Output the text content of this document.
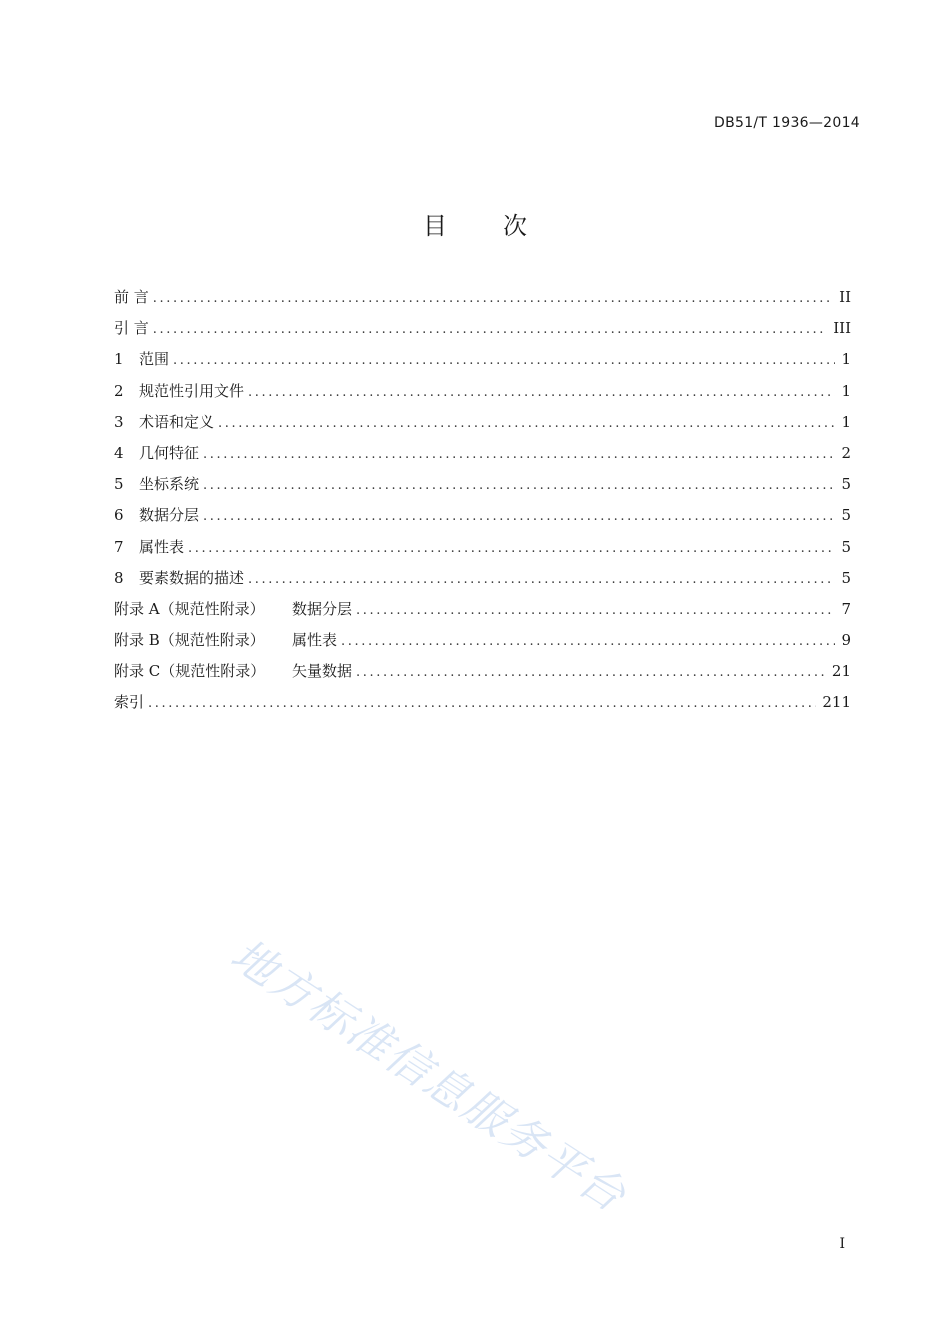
DB51/T 1936—2014
目 次
前 言 .....	II
引 言 .....	III
1	范围 .....	1
2	规范性引用文件 .....	1
3	术语和定义 .....	1
4	几何特征 .....	2
5	坐标系统 .....	5
6	数据分层 .....	5
7	属性表 .....	5
8	要素数据的描述 .....	5
附录 A（规范性附录）	数据分层 .....	7
附录 B（规范性附录）	属性表 .....	9
附录 C（规范性附录）	矢量数据 .....	21
索引 .....	211
地方标准信息服务平台
I
